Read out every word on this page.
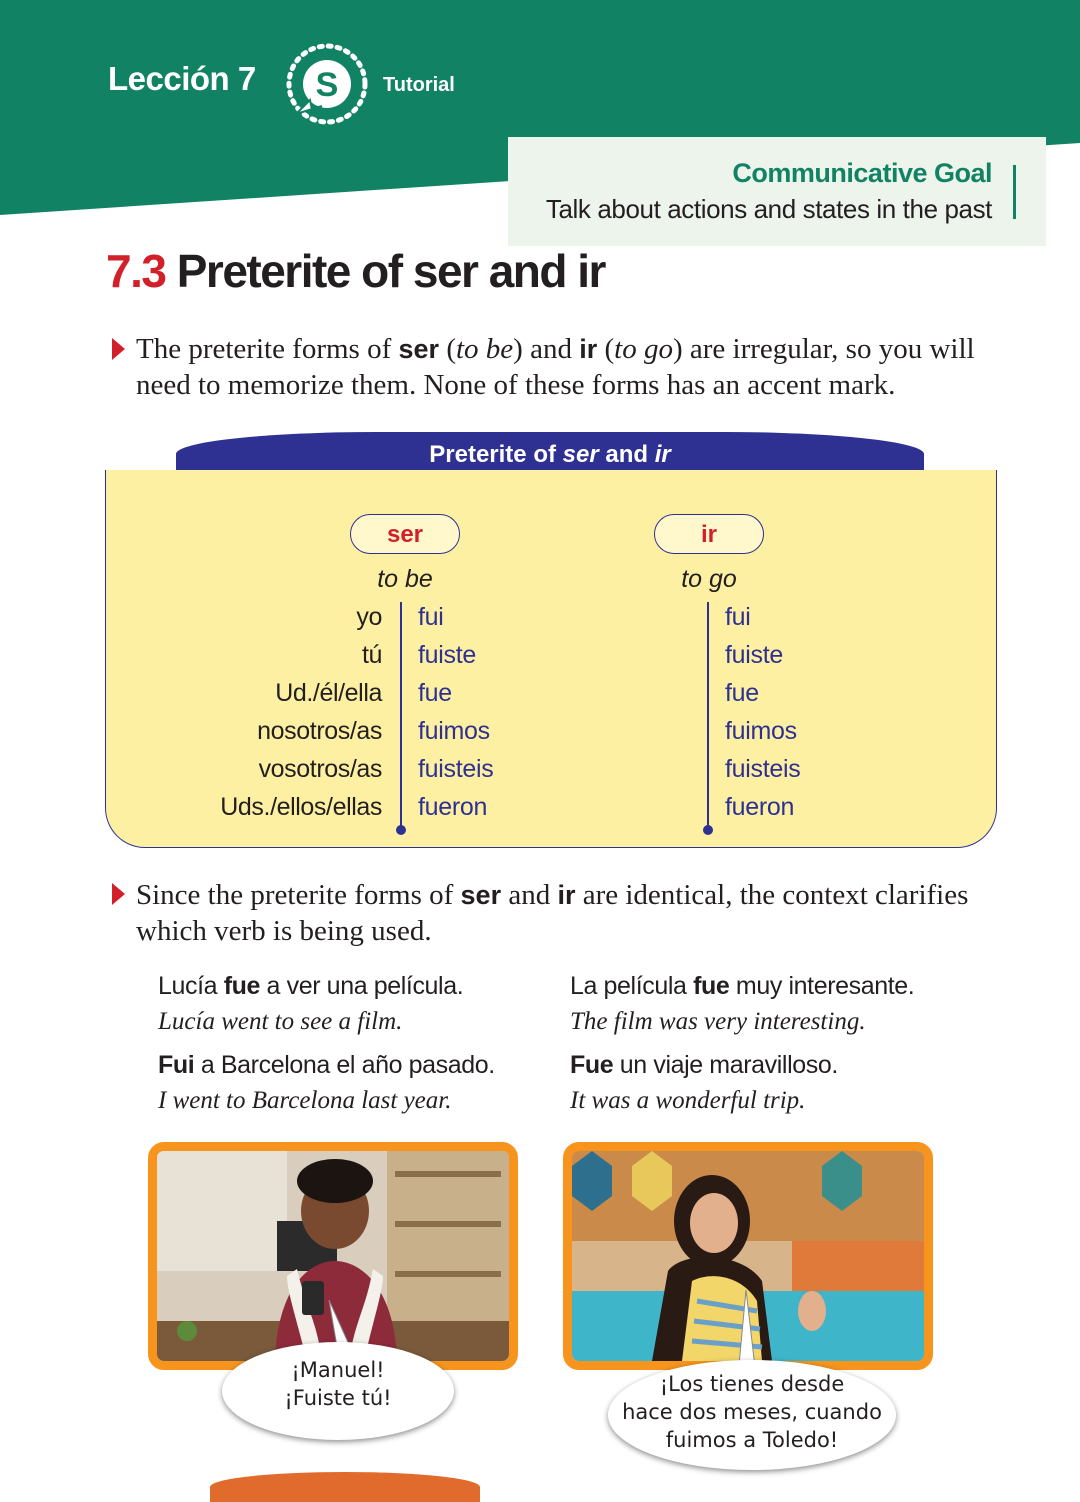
Lección 7 S Tutorial
Communicative Goal
Talk about actions and states in the past
7.3 Preterite of ser and ir
The preterite forms of ser (to be) and ir (to go) are irregular, so you will need to memorize them. None of these forms has an accent mark.
Preterite of ser and ir
ser	ir
to be	to go
yo
tú
Ud./él/ella
nosotros/as
vosotros/as
Uds./ellos/ellas
fui
fuiste
fue
fuimos
fuisteis
fueron
fui
fuiste
fue
fuimos
fuisteis
fueron
Since the preterite forms of ser and ir are identical, the context clarifies which verb is being used.
Lucía fue a ver una película.
Lucía went to see a film.
Fui a Barcelona el año pasado.
I went to Barcelona last year.
La película fue muy interesante.
The film was very interesting.
Fue un viaje maravilloso.
It was a wonderful trip.
¡Manuel!
¡Fuiste tú!
¡Los tienes desde
hace dos meses, cuando
fuimos a Toledo!
